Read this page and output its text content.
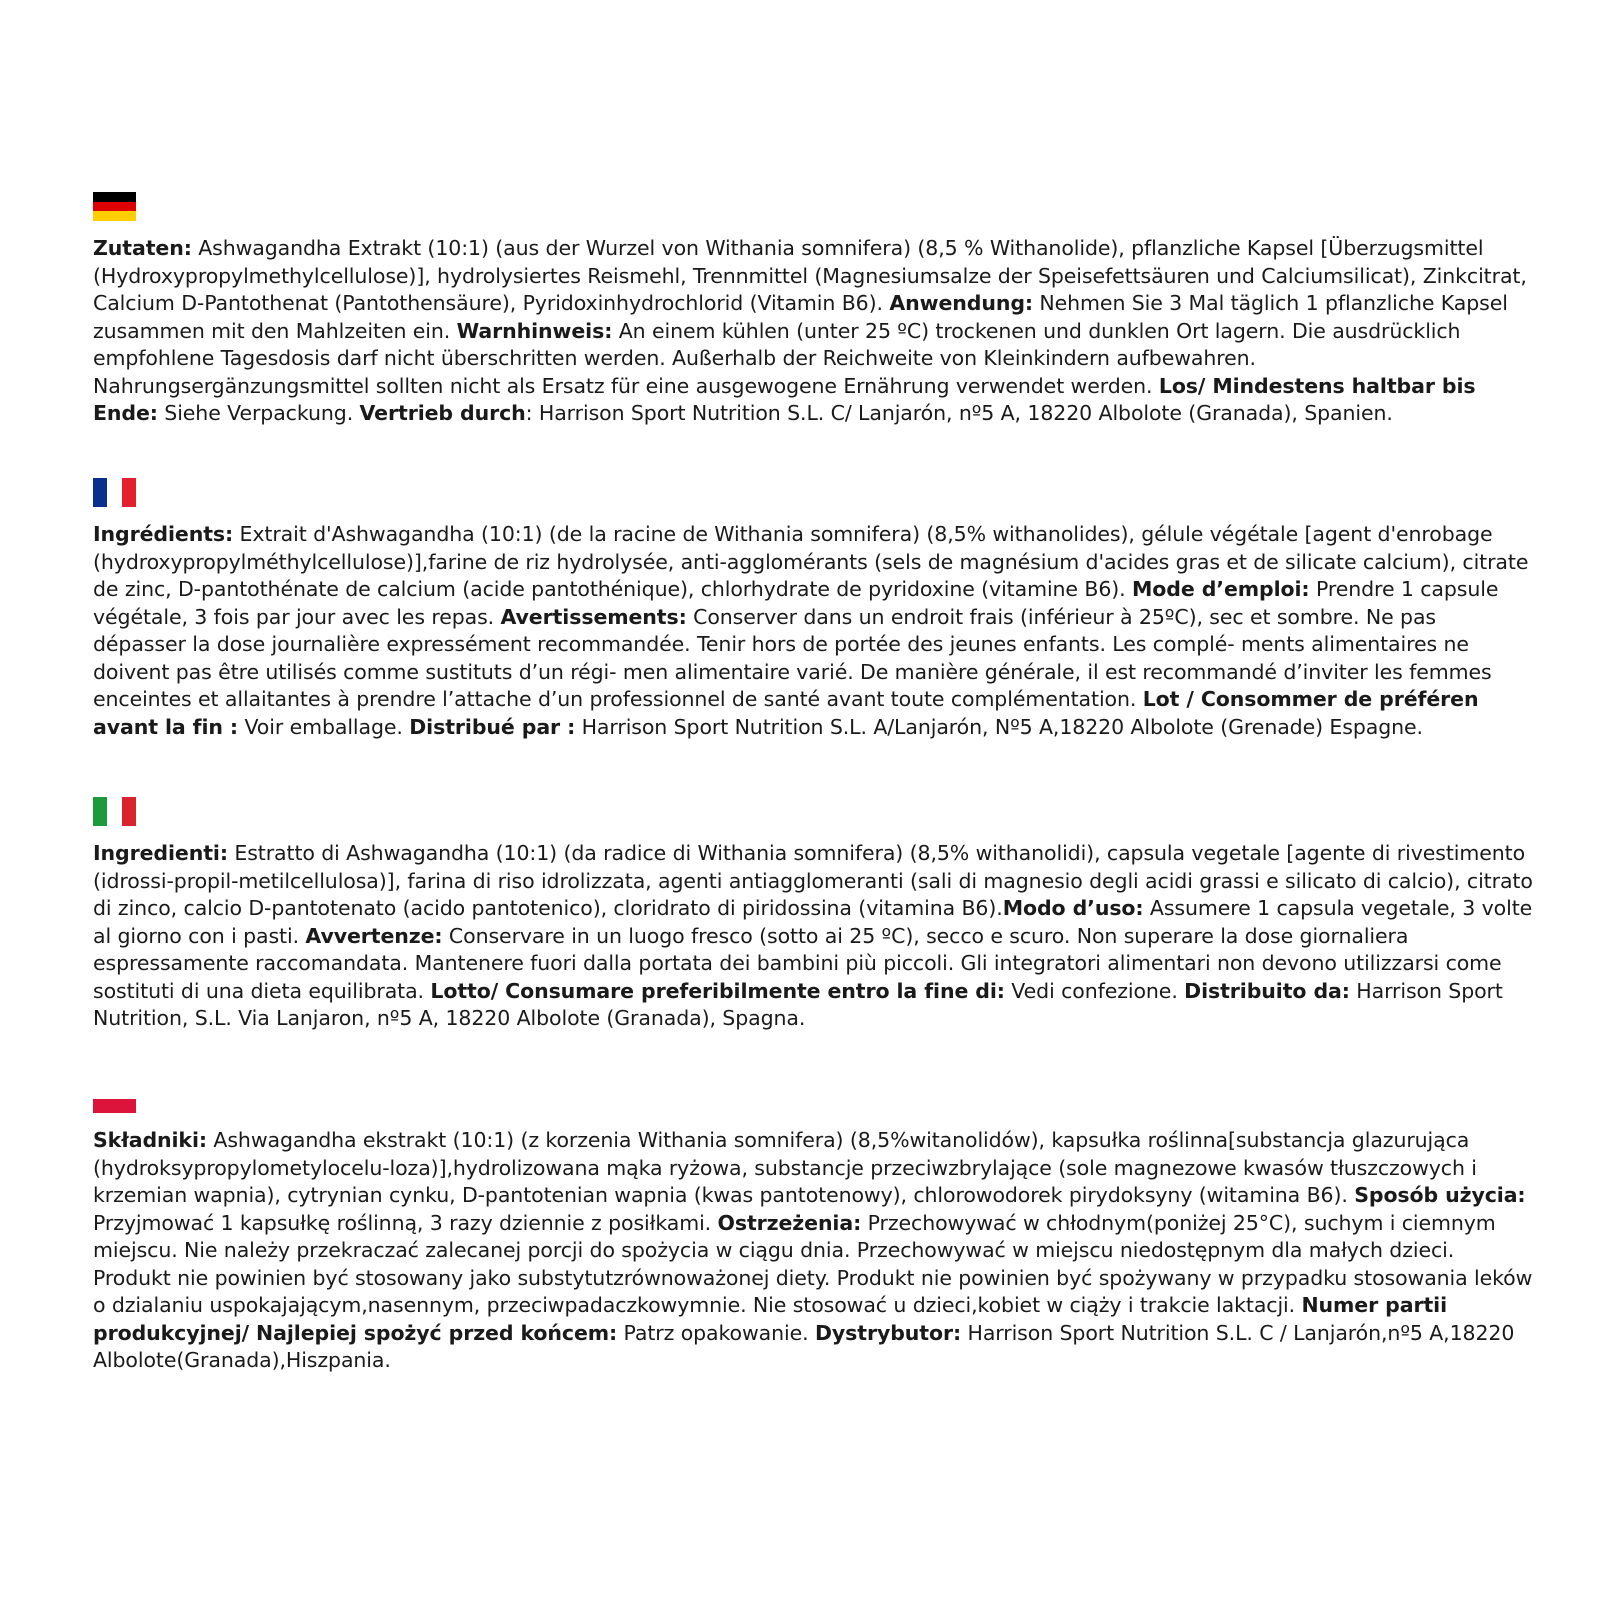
Zutaten: Ashwagandha Extrakt (10:1) (aus der Wurzel von Withania somnifera) (8,5 % Withanolide), pflanzliche Kapsel [Überzugsmittel (Hydroxypropylmethylcellulose)], hydrolysiertes Reismehl, Trennmittel (Magnesiumsalze der Speisefettsäuren und Calciumsilicat), Zinkcitrat, Calcium D-Pantothenat (Pantothensäure), Pyridoxinhydrochlorid (Vitamin B6). Anwendung: Nehmen Sie 3 Mal täglich 1 pflanzliche Kapsel zusammen mit den Mahlzeiten ein. Warnhinweis: An einem kühlen (unter 25 ºC) trockenen und dunklen Ort lagern. Die ausdrücklich empfohlene Tagesdosis darf nicht überschritten werden. Außerhalb der Reichweite von Kleinkindern aufbewahren. Nahrungsergänzungsmittel sollten nicht als Ersatz für eine ausgewogene Ernährung verwendet werden. Los/ Mindestens haltbar bis Ende: Siehe Verpackung. Vertrieb durch: Harrison Sport Nutrition S.L. C/ Lanjarón, nº5 A, 18220 Albolote (Granada), Spanien.

Ingrédients: Extrait d'Ashwagandha (10:1) (de la racine de Withania somnifera) (8,5% withanolides), gélule végétale [agent d'enrobage (hydroxypropylméthylcellulose)],farine de riz hydrolysée, anti-agglomérants (sels de magnésium d'acides gras et de silicate calcium), citrate de zinc, D-pantothénate de calcium (acide pantothénique), chlorhydrate de pyridoxine (vitamine B6). Mode d’emploi: Prendre 1 capsule végétale, 3 fois par jour avec les repas. Avertissements: Conserver dans un endroit frais (inférieur à 25ºC), sec et sombre. Ne pas dépasser la dose journalière expressément recommandée. Tenir hors de portée des jeunes enfants. Les complé- ments alimentaires ne doivent pas être utilisés comme sustituts d’un régi- men alimentaire varié. De manière générale, il est recommandé d’inviter les femmes enceintes et allaitantes à prendre l’attache d’un professionnel de santé avant toute complémentation. Lot / Consommer de préféren avant la fin : Voir emballage. Distribué par : Harrison Sport Nutrition S.L. A/Lanjarón, Nº5 A,18220 Albolote (Grenade) Espagne.

Ingredienti: Estratto di Ashwagandha (10:1) (da radice di Withania somnifera) (8,5% withanolidi), capsula vegetale [agente di rivestimento (idrossi-propil-metilcellulosa)], farina di riso idrolizzata, agenti antiagglomeranti (sali di magnesio degli acidi grassi e silicato di calcio), citrato di zinco, calcio D-pantotenato (acido pantotenico), cloridrato di piridossina (vitamina B6).Modo d’uso: Assumere 1 capsula vegetale, 3 volte al giorno con i pasti. Avvertenze: Conservare in un luogo fresco (sotto ai 25 ºC), secco e scuro. Non superare la dose giornaliera espressamente raccomandata. Mantenere fuori dalla portata dei bambini più piccoli. Gli integratori alimentari non devono utilizzarsi come sostituti di una dieta equilibrata. Lotto/ Consumare preferibilmente entro la fine di: Vedi confezione. Distribuito da: Harrison Sport Nutrition, S.L. Via Lanjaron, nº5 A, 18220 Albolote (Granada), Spagna.

Składniki: Ashwagandha ekstrakt (10:1) (z korzenia Withania somnifera) (8,5%witanolidów), kapsułka roślinna[substancja glazurująca (hydroksypropylometylocelu-loza)],hydrolizowana mąka ryżowa, substancje przeciwzbrylające (sole magnezowe kwasów tłuszczowych i krzemian wapnia), cytrynian cynku, D-pantotenian wapnia (kwas pantotenowy), chlorowodorek pirydoksyny (witamina B6). Sposób użycia: Przyjmować 1 kapsułkę roślinną, 3 razy dziennie z posiłkami. Ostrzeżenia: Przechowywać w chłodnym(poniżej 25°C), suchym i ciemnym miejscu. Nie należy przekraczać zalecanej porcji do spożycia w ciągu dnia. Przechowywać w miejscu niedostępnym dla małych dzieci. Produkt nie powinien być stosowany jako substytutzrównoważonej diety. Produkt nie powinien być spożywany w przypadku stosowania leków o dzialaniu uspokajającym,nasennym, przeciwpadaczkowymnie. Nie stosować u dzieci,kobiet w ciąży i trakcie laktacji. Numer partii produkcyjnej/ Najlepiej spożyć przed końcem: Patrz opakowanie. Dystrybutor: Harrison Sport Nutrition S.L. C / Lanjarón,nº5 A,18220 Albolote(Granada),Hiszpania.
